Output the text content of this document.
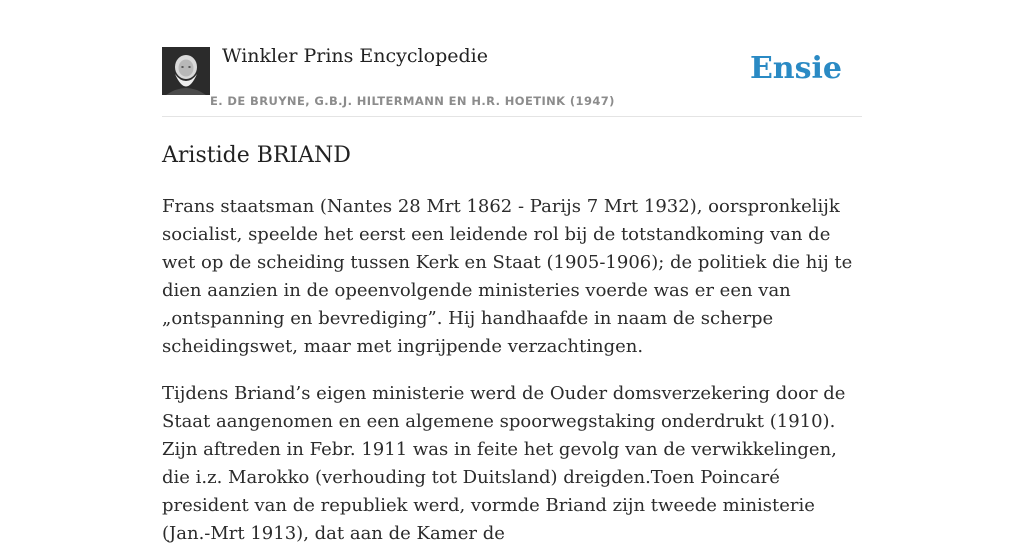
Winkler Prins Encyclopedie
E. DE BRUYNE, G.B.J. HILTERMANN EN H.R. HOETINK (1947)
Ensie
Aristide BRIAND

Frans staatsman (Nantes 28 Mrt 1862 - Parijs 7 Mrt 1932), oorspronkelijk socialist, speelde het eerst een leidende rol bij de totstandkoming van de wet op de scheiding tussen Kerk en Staat (1905-1906); de politiek die hij te dien aanzien in de opeenvolgende ministeries voerde was er een van „ontspanning en bevrediging”. Hij handhaafde in naam de scherpe scheidingswet, maar met ingrijpende verzachtingen.

Tijdens Briand’s eigen ministerie werd de Ouder domsverzekering door de Staat aangenomen en een algemene spoorwegstaking onderdrukt (1910). Zijn aftreden in Febr. 1911 was in feite het gevolg van de verwikkelingen, die i.z. Marokko (verhouding tot Duitsland) dreigden.Toen Poincaré president van de republiek werd, vormde Briand zijn tweede ministerie (Jan.-Mrt 1913), dat aan de Kamer de
